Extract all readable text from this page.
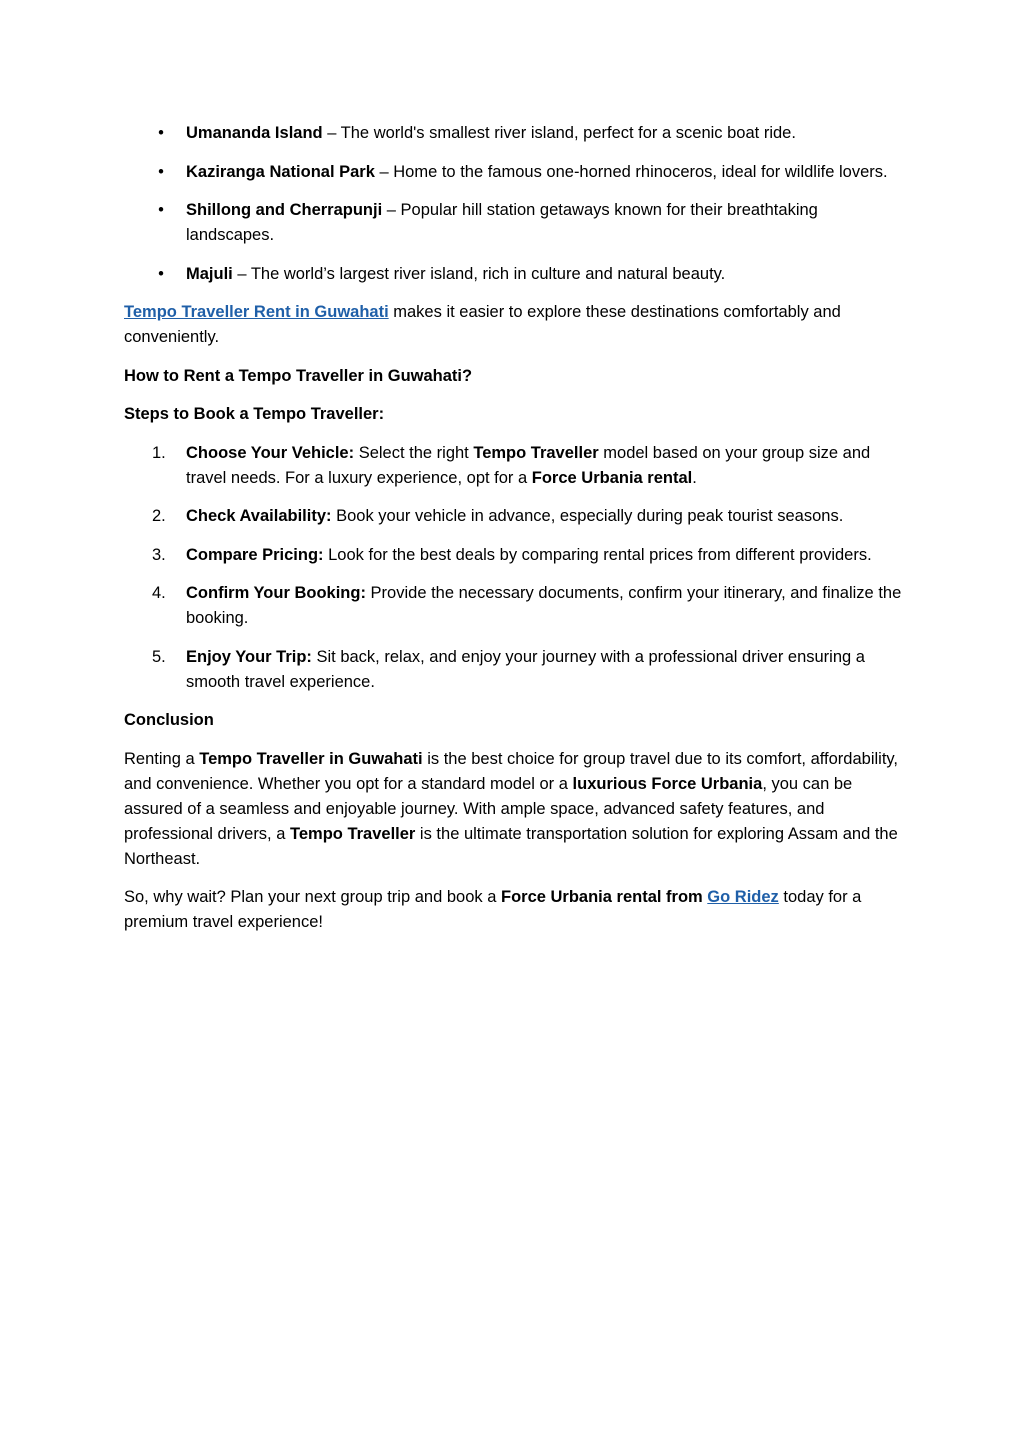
• Umananda Island – The world's smallest river island, perfect for a scenic boat ride.
• Kaziranga National Park – Home to the famous one-horned rhinoceros, ideal for wildlife lovers.
• Shillong and Cherrapunji – Popular hill station getaways known for their breathtaking landscapes.
• Majuli – The world’s largest river island, rich in culture and natural beauty.

Tempo Traveller Rent in Guwahati makes it easier to explore these destinations comfortably and conveniently.

How to Rent a Tempo Traveller in Guwahati?

Steps to Book a Tempo Traveller:

1.	Choose Your Vehicle: Select the right Tempo Traveller model based on your group size and travel needs. For a luxury experience, opt for a Force Urbania rental.
2.	Check Availability: Book your vehicle in advance, especially during peak tourist seasons.
3.	Compare Pricing: Look for the best deals by comparing rental prices from different providers.
4.	Confirm Your Booking: Provide the necessary documents, confirm your itinerary, and finalize the booking.
5.	Enjoy Your Trip: Sit back, relax, and enjoy your journey with a professional driver ensuring a smooth travel experience.

Conclusion

Renting a Tempo Traveller in Guwahati is the best choice for group travel due to its comfort, affordability, and convenience. Whether you opt for a standard model or a luxurious Force Urbania, you can be assured of a seamless and enjoyable journey. With ample space, advanced safety features, and professional drivers, a Tempo Traveller is the ultimate transportation solution for exploring Assam and the Northeast.

So, why wait? Plan your next group trip and book a Force Urbania rental from Go Ridez today for a premium travel experience!
